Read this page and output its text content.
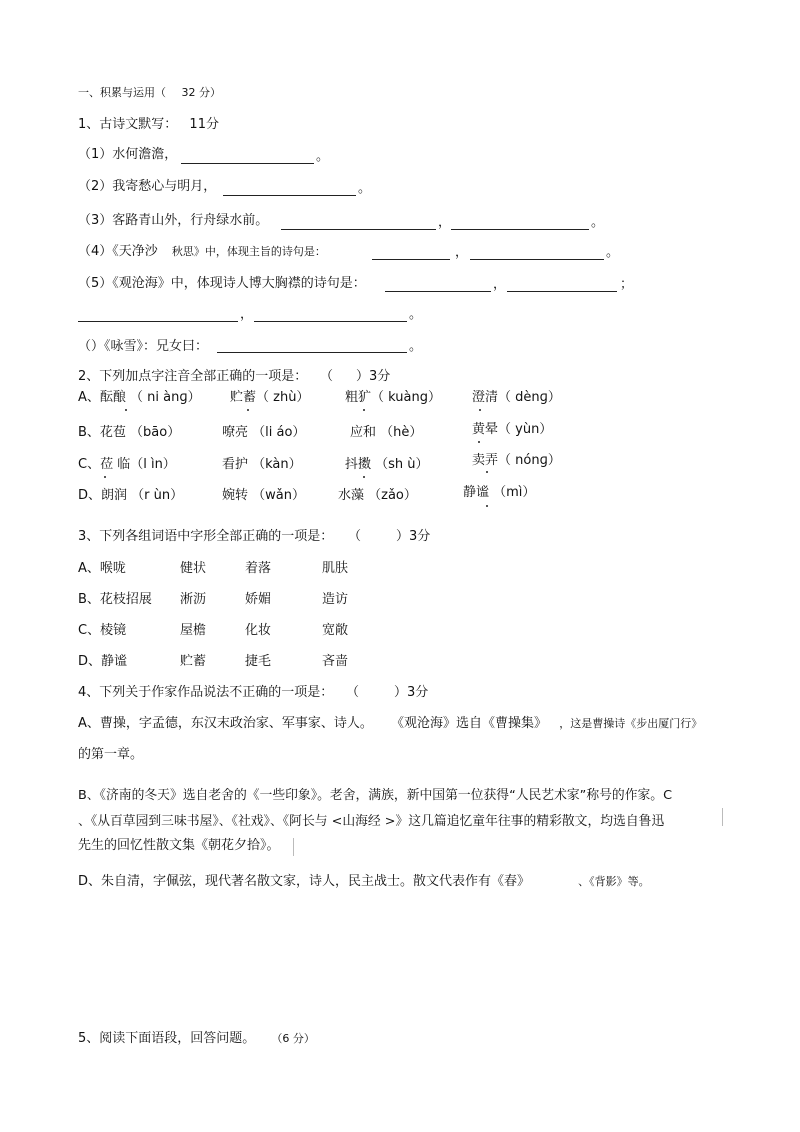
一、积累与运用（ 32 分）
1、古诗文默写： 11分
（1）水何澹澹，	。
（2）我寄愁心与明月，	。
（3）客路青山外，行舟绿水前。	，	。
（4）《天净沙 秋思》中，体现主旨的诗句是：	，	。
（5）《观沧海》中，体现诗人博大胸襟的诗句是：	，	；
，	。
（）《咏雪》：兄女曰：	。
2、下列加点字注音全部正确的一项是： （ ）3分
A、酝酿 （ ni ànɡ） 贮蓄（ zhù）	粗犷（ kuàng） 澄清（ dènɡ）
B、花苞 （bāo）	嘹亮 （li áo）	应和 （hè）	黄晕（ yùn）
C、莅 临（l ìn）	看护 （kàn）	抖擞 （sh ù）	卖弄（ nónɡ）
D、朗润 （r ùn）	婉转 （wǎn）	水藻 （zǎo）	静谧 （mì）
3、下列各组词语中字形全部正确的一项是： （	）3分
A、喉咙	健状	着落	肌肤
B、花枝招展 淅沥	娇媚	造访
C、棱镜	屋檐	化妆	宽敞
D、静谧	贮蓄	捷毛	吝啬
4、下列关于作家作品说法不正确的一项是： （	）3分
A、曹操，字孟德，东汉末政治家、军事家、诗人。 《观沧海》选自《曹操集》 ，这是曹操诗《步出厦门行》
的第一章。
B、《济南的冬天》选自老舍的《一些印象》。老舍，满族，新中国第一位获得“人民艺术家”称号的作家。C
、《从百草园到三味书屋》、《社戏》、《阿长与 <山海经 >》这几篇追忆童年往事的精彩散文，均选自鲁迅
先生的回忆性散文集《朝花夕拾》。
D、朱自清，字佩弦，现代著名散文家，诗人，民主战士。散文代表作有《春》	、《背影》等。
5、阅读下面语段，回答问题。 （6 分）
